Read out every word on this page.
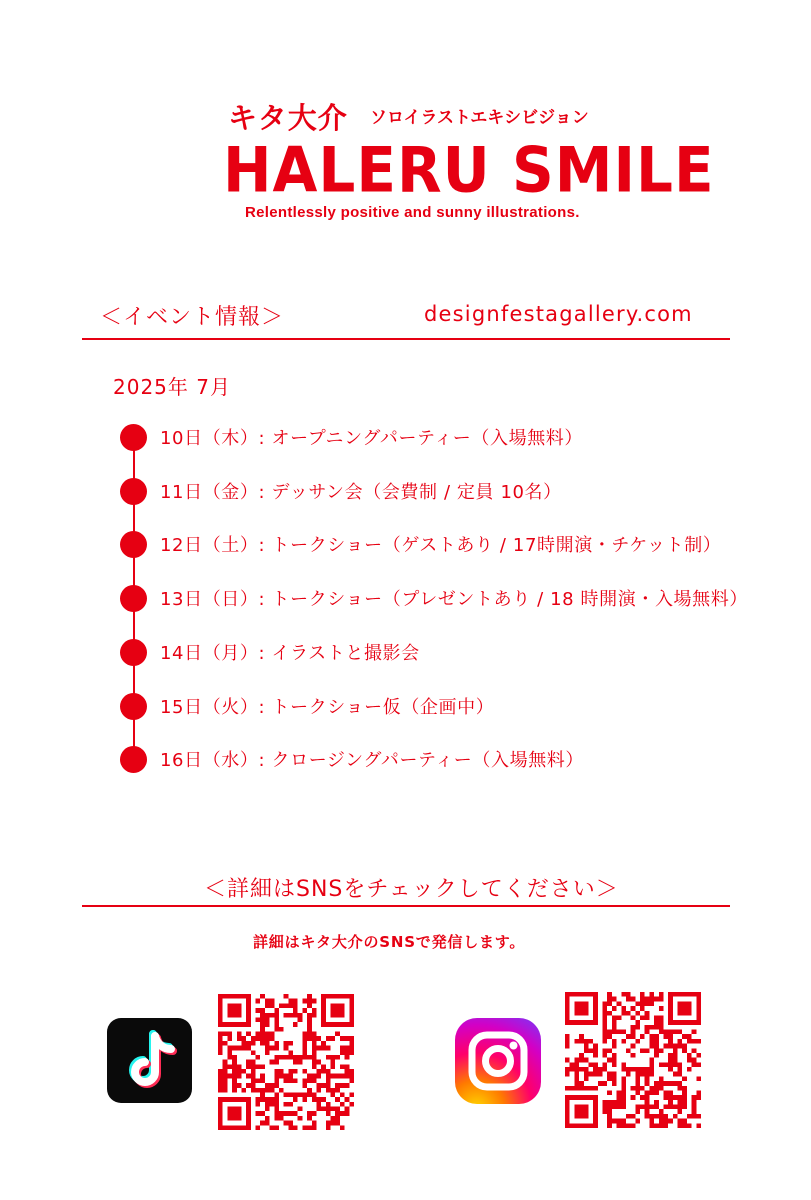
キタ大介 ソロイラストエキシビジョン
HALERU SMILE
Relentlessly positive and sunny illustrations.
＜イベント情報＞	designfestagallery.com
2025年 7月
10日（木）: オープニングパーティー（入場無料）
11日（金）: デッサン会（会費制 / 定員 10名）
12日（土）: トークショー（ゲストあり / 17時開演・チケット制）
13日（日）: トークショー（プレゼントあり / 18 時開演・入場無料）
14日（月）: イラストと撮影会
15日（火）: トークショー仮（企画中）
16日（水）: クロージングパーティー（入場無料）
＜詳細はSNSをチェックしてください＞
詳細はキタ大介のSNSで発信します。
